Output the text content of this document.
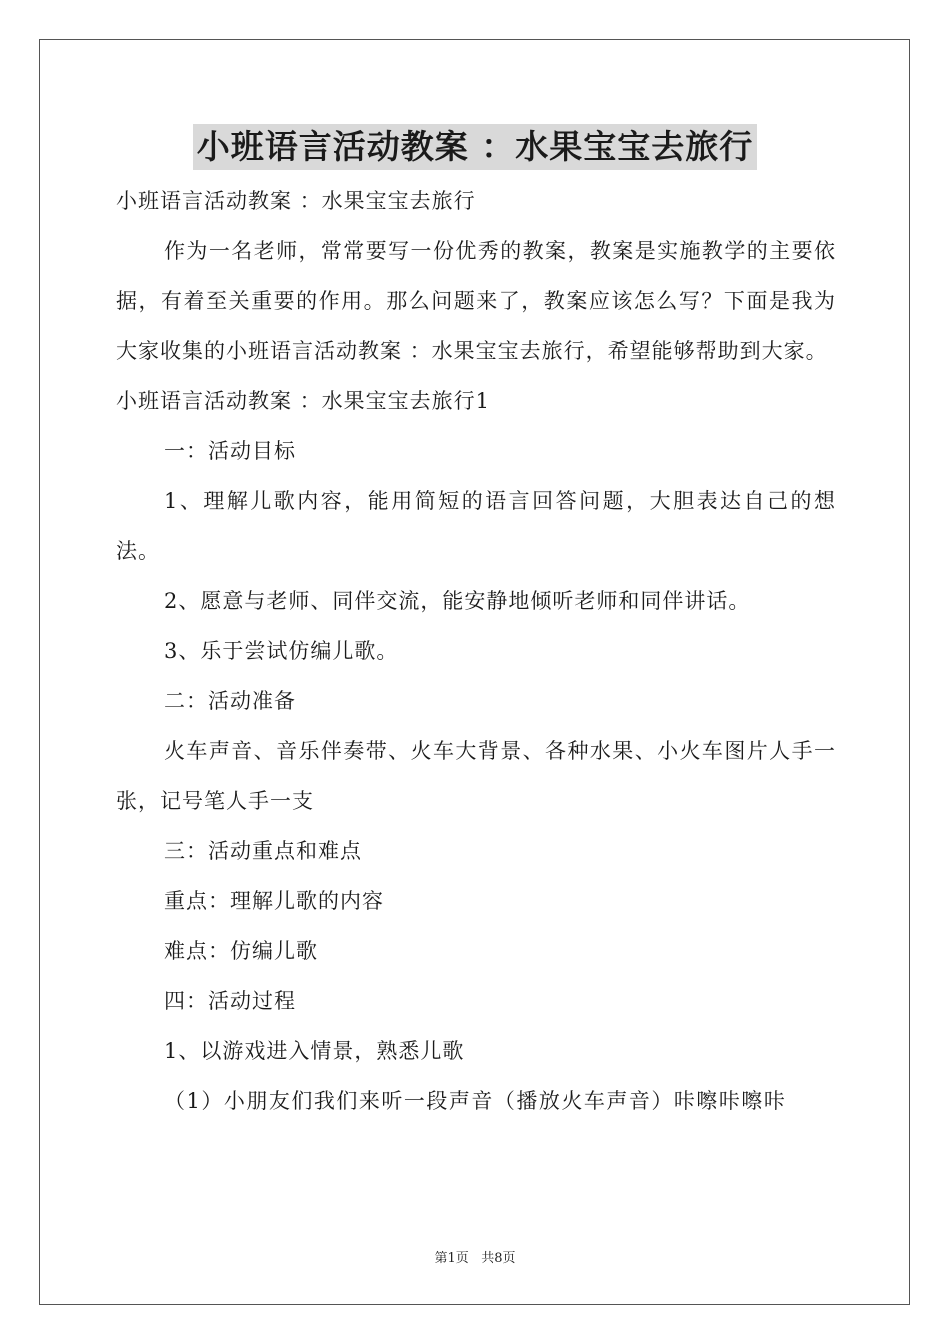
小班语言活动教案 ：水果宝宝去旅行

小班语言活动教案 ：水果宝宝去旅行

作为一名老师，常常要写一份优秀的教案，教案是实施教学的主要依据，有着至关重要的作用。那么问题来了，教案应该怎么写？下面是我为大家收集的小班语言活动教案 ：水果宝宝去旅行，希望能够帮助到大家。

小班语言活动教案 ：水果宝宝去旅行1

一：活动目标

1、理解儿歌内容，能用简短的语言回答问题，大胆表达自己的想法。

2、愿意与老师、同伴交流，能安静地倾听老师和同伴讲话。

3、乐于尝试仿编儿歌。

二：活动准备

火车声音、音乐伴奏带、火车大背景、各种水果、小火车图片人手一张，记号笔人手一支

三：活动重点和难点

重点：理解儿歌的内容

难点：仿编儿歌

四：活动过程

1、以游戏进入情景，熟悉儿歌

（1）小朋友们我们来听一段声音（播放火车声音）咔嚓咔嚓咔

第1页 共8页
